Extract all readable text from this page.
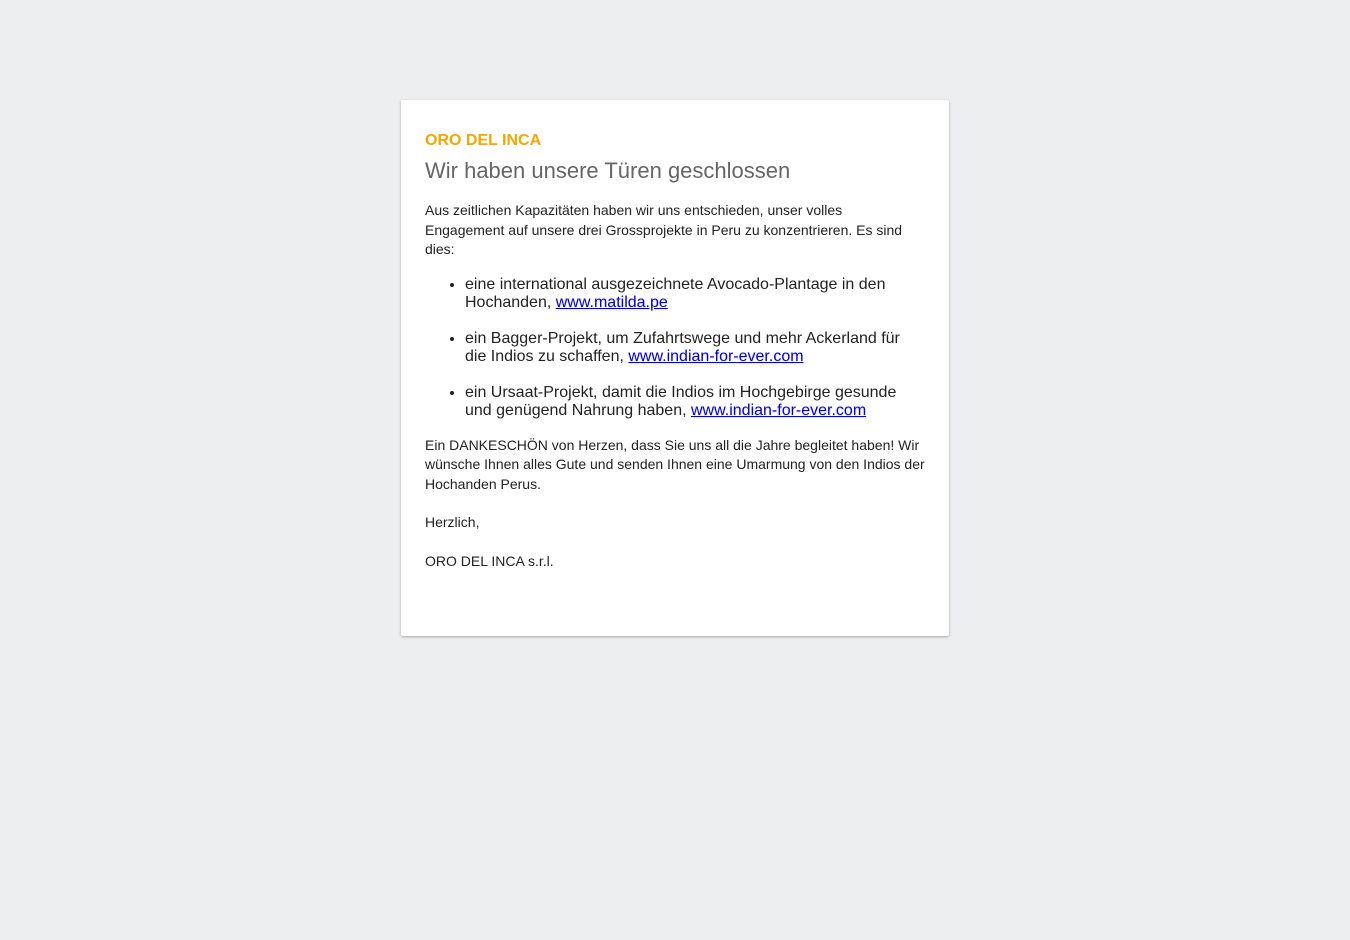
ORO DEL INCA
Wir haben unsere Türen geschlossen

Aus zeitlichen Kapazitäten haben wir uns entschieden, unser volles Engagement auf unsere drei Grossprojekte in Peru zu konzentrieren. Es sind dies:

• eine international ausgezeichnete Avocado-Plantage in den Hochanden, www.matilda.pe
• ein Bagger-Projekt, um Zufahrtswege und mehr Ackerland für die Indios zu schaffen, www.indian-for-ever.com
• ein Ursaat-Projekt, damit die Indios im Hochgebirge gesunde und genügend Nahrung haben, www.indian-for-ever.com

Ein DANKESCHÖN von Herzen, dass Sie uns all die Jahre begleitet haben! Wir wünsche Ihnen alles Gute und senden Ihnen eine Umarmung von den Indios der Hochanden Perus.

Herzlich,

ORO DEL INCA s.r.l.
